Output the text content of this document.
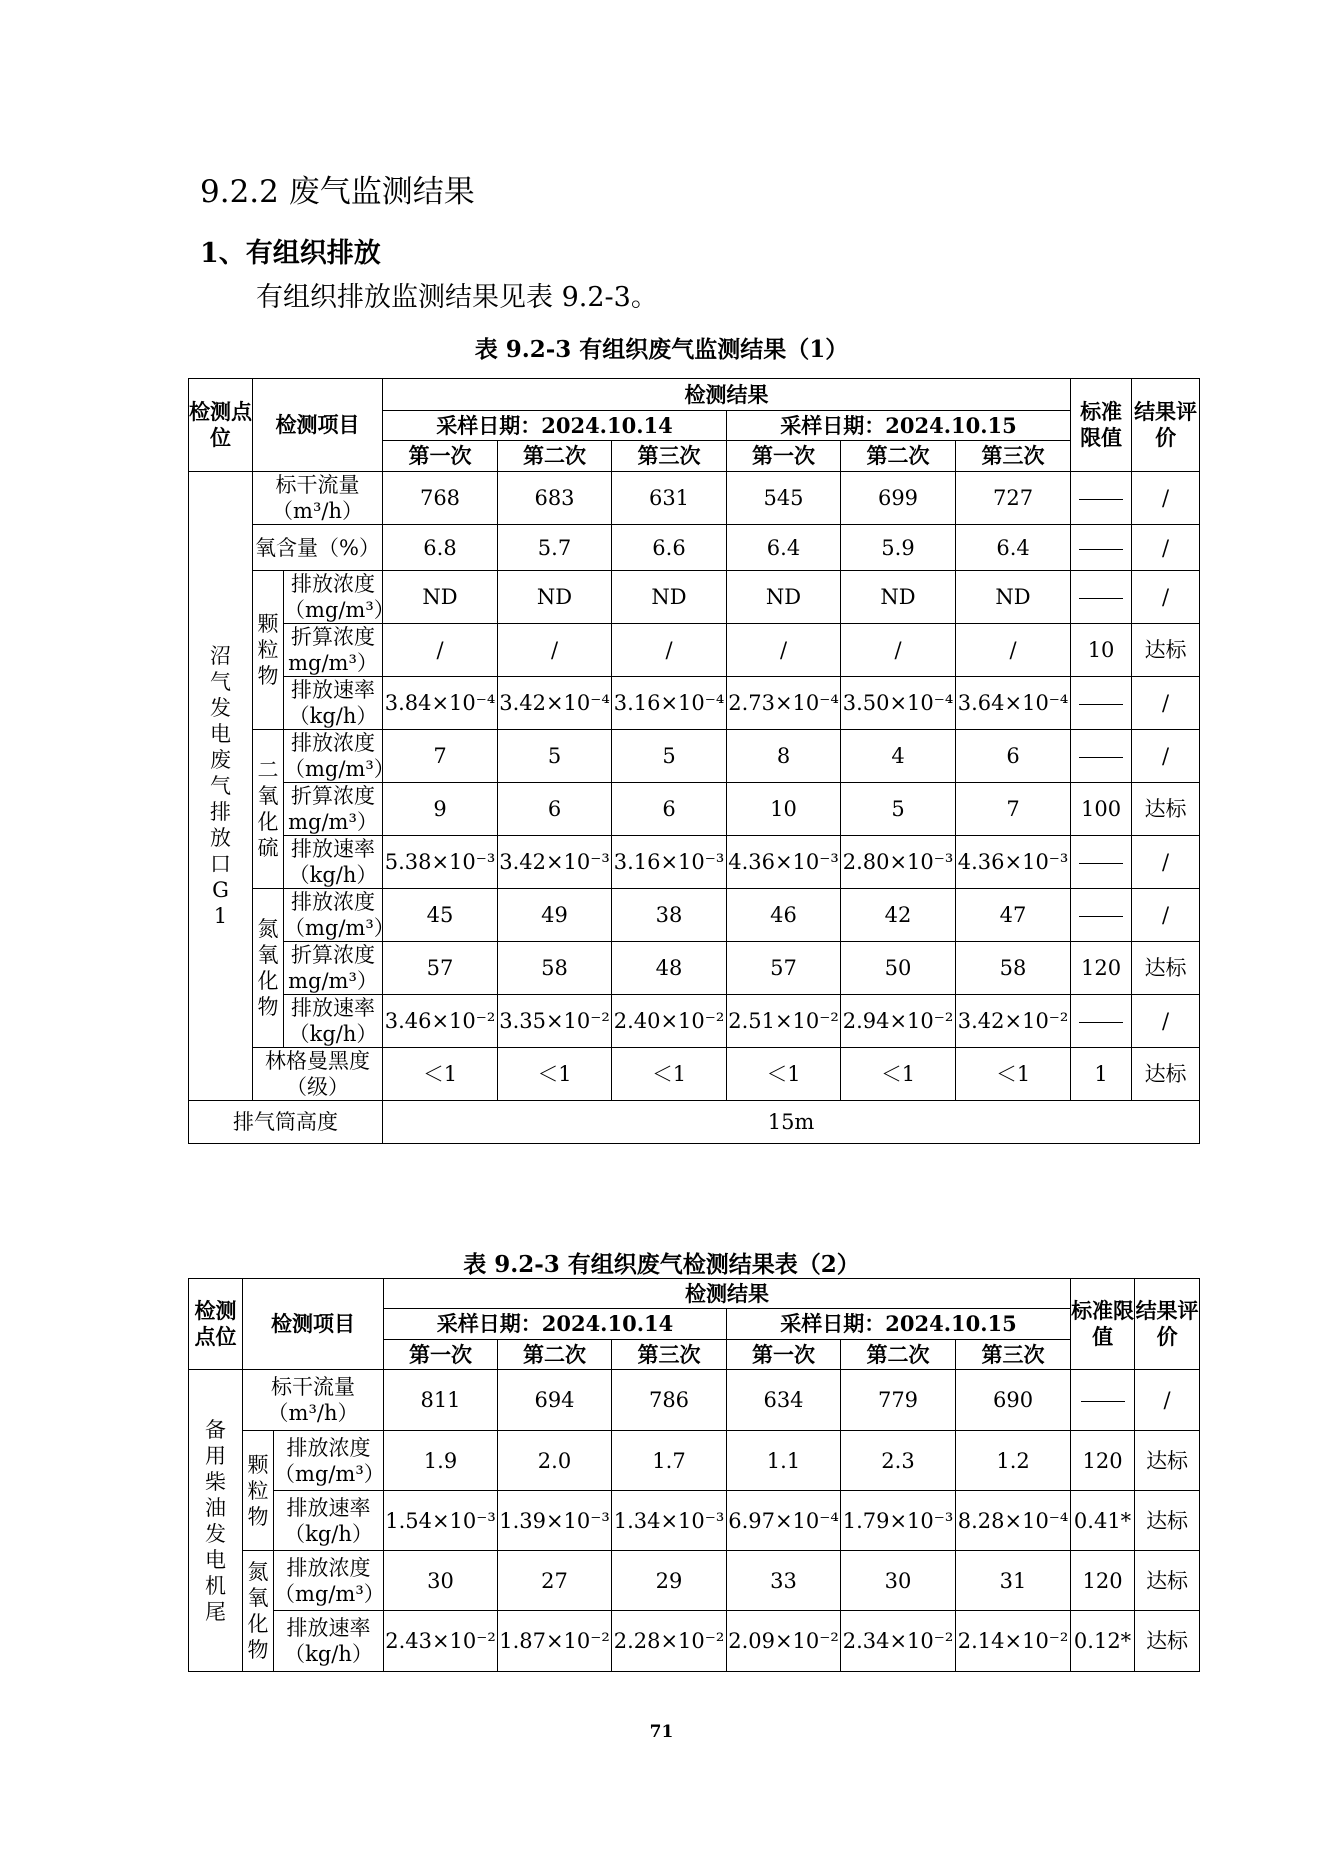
9.2.2 废气监测结果
1、有组织排放
有组织排放监测结果见表 9.2-3。
表 9.2-3 有组织废气监测结果（1）
检测点位	检测项目		检测结果						标准限值	结果评价
			采样日期：2024.10.14			采样日期：2024.10.15				
			第一次	第二次	第三次	第一次	第二次	第三次		

沼气发电废气排放口G1	标干流量
（m³/h）		768	683	631	545	699	727		/

	氧含量（%）		6.8	5.7	6.6	6.4	5.9	6.4		/

	颗粒物	排放浓度
（mg/m³）	ND	ND	ND	ND	ND	ND		/

		折算浓度
mg/m³）	/	/	/	/	/	/	10	达标

		排放速率
（kg/h）	3.84×10⁻⁴	3.42×10⁻⁴	3.16×10⁻⁴	2.73×10⁻⁴	3.50×10⁻⁴	3.64×10⁻⁴		/

	二氧化硫	排放浓度
（mg/m³）	7	5	5	8	4	6		/

		折算浓度
mg/m³）	9	6	6	10	5	7	100	达标

		排放速率
（kg/h）	5.38×10⁻³	3.42×10⁻³	3.16×10⁻³	4.36×10⁻³	2.80×10⁻³	4.36×10⁻³		/

	氮氧化物	排放浓度
（mg/m³）	45	49	38	46	42	47		/

		折算浓度
mg/m³）	57	58	48	57	50	58	120	达标

		排放速率
（kg/h）	3.46×10⁻²	3.35×10⁻²	2.40×10⁻²	2.51×10⁻²	2.94×10⁻²	3.42×10⁻²		/

	林格曼黑度
（级）		＜1	＜1	＜1	＜1	＜1	＜1	1	达标
排气筒高度			15m							
表 9.2-3 有组织废气检测结果表（2）
检测点位	检测项目		检测结果						标准限值	结果评价
			采样日期：2024.10.14			采样日期：2024.10.15				
			第一次	第二次	第三次	第一次	第二次	第三次		

备用柴油发电机尾	标干流量
（m³/h）		811	694	786	634	779	690		/

	颗粒物	排放浓度
（mg/m³）	1.9	2.0	1.7	1.1	2.3	1.2	120	达标

		排放速率
（kg/h）	1.54×10⁻³	1.39×10⁻³	1.34×10⁻³	6.97×10⁻⁴	1.79×10⁻³	8.28×10⁻⁴	0.41*	达标

	氮氧化物	排放浓度
（mg/m³）	30	27	29	33	30	31	120	达标

		排放速率
（kg/h）	2.43×10⁻²	1.87×10⁻²	2.28×10⁻²	2.09×10⁻²	2.34×10⁻²	2.14×10⁻²	0.12*	达标
71
